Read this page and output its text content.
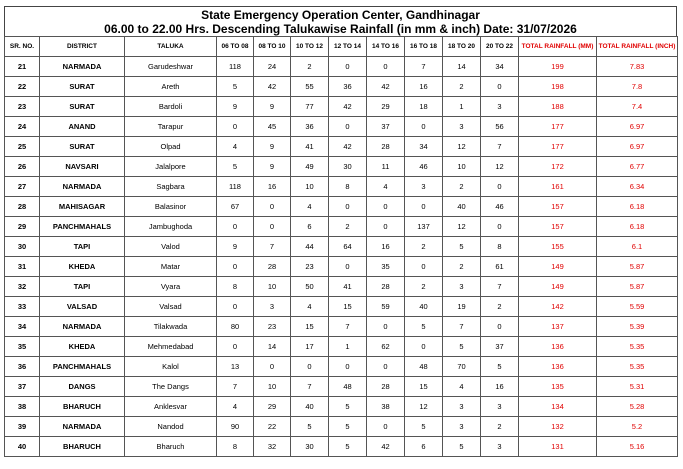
State Emergency Operation Center, Gandhinagar
06.00 to 22.00 Hrs. Descending Talukawise Rainfall (in mm & inch) Date: 31/07/2026
SR. NO.	DISTRICT	TALUKA	06 TO 08	08 TO 10	10 TO 12	12 TO 14	14 TO 16	16 TO 18	18 TO 20	20 TO 22	TOTAL RAINFALL (MM)	TOTAL RAINFALL (INCH)
21	NARMADA	Garudeshwar	118	24	2	0	0	7	14	34	199	7.83
22	SURAT	Areth	5	42	55	36	42	16	2	0	198	7.8
23	SURAT	Bardoli	9	9	77	42	29	18	1	3	188	7.4
24	ANAND	Tarapur	0	45	36	0	37	0	3	56	177	6.97
25	SURAT	Olpad	4	9	41	42	28	34	12	7	177	6.97
26	NAVSARI	Jalalpore	5	9	49	30	11	46	10	12	172	6.77
27	NARMADA	Sagbara	118	16	10	8	4	3	2	0	161	6.34
28	MAHISAGAR	Balasinor	67	0	4	0	0	0	40	46	157	6.18
29	PANCHMAHALS	Jambughoda	0	0	6	2	0	137	12	0	157	6.18
30	TAPI	Valod	9	7	44	64	16	2	5	8	155	6.1
31	KHEDA	Matar	0	28	23	0	35	0	2	61	149	5.87
32	TAPI	Vyara	8	10	50	41	28	2	3	7	149	5.87
33	VALSAD	Valsad	0	3	4	15	59	40	19	2	142	5.59
34	NARMADA	Tilakwada	80	23	15	7	0	5	7	0	137	5.39
35	KHEDA	Mehmedabad	0	14	17	1	62	0	5	37	136	5.35
36	PANCHMAHALS	Kalol	13	0	0	0	0	48	70	5	136	5.35
37	DANGS	The Dangs	7	10	7	48	28	15	4	16	135	5.31
38	BHARUCH	Anklesvar	4	29	40	5	38	12	3	3	134	5.28
39	NARMADA	Nandod	90	22	5	5	0	5	3	2	132	5.2
40	BHARUCH	Bharuch	8	32	30	5	42	6	5	3	131	5.16
